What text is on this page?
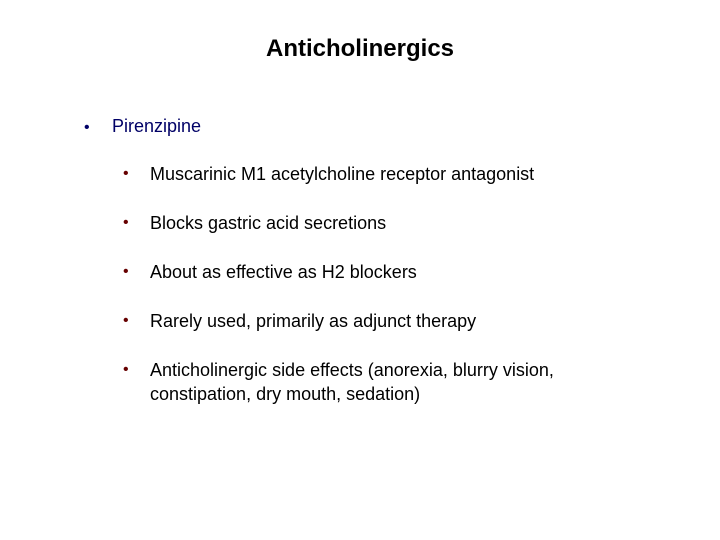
Anticholinergics
• Pirenzipine
• Muscarinic M1 acetylcholine receptor antagonist
• Blocks gastric acid secretions
• About as effective as H2 blockers
• Rarely used, primarily as adjunct therapy
• Anticholinergic side effects (anorexia, blurry vision, constipation, dry mouth, sedation)
